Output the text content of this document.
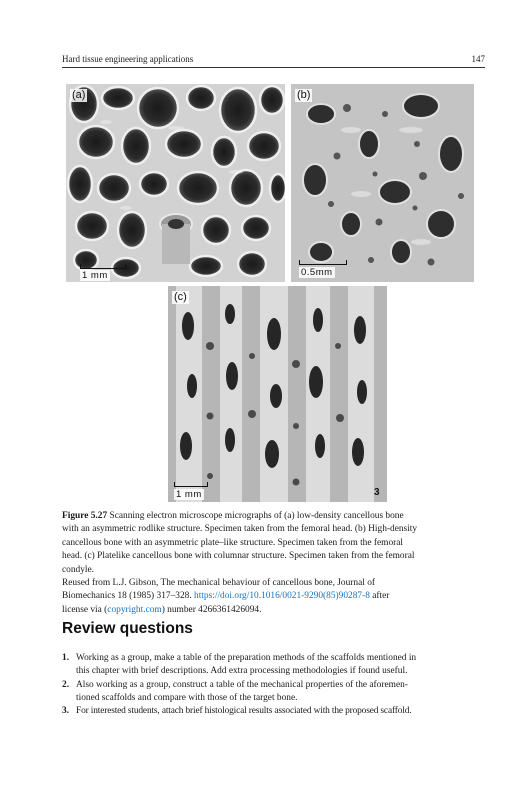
Hard tissue engineering applications	147
(a)
1 mm
(b)
0.5mm
(c)
1 mm	3
Figure 5.27 Scanning electron microscope micrographs of (a) low-density cancellous bone
with an asymmetric rodlike structure. Specimen taken from the femoral head. (b) High-density
cancellous bone with an asymmetric plate–like structure. Specimen taken from the femoral
head. (c) Platelike cancellous bone with columnar structure. Specimen taken from the femoral
condyle.
Reused from L.J. Gibson, The mechanical behaviour of cancellous bone, Journal of
Biomechanics 18 (1985) 317–328. https://doi.org/10.1016/0021-9290(85)90287-8 after
license via (copyright.com) number 4266361426094.
Review questions
1. Working as a group, make a table of the preparation methods of the scaffolds mentioned in
this chapter with brief descriptions. Add extra processing methodologies if found useful.
2. Also working as a group, construct a table of the mechanical properties of the aforemen-
tioned scaffolds and compare with those of the target bone.
3. For interested students, attach brief histological results associated with the proposed scaffold.
